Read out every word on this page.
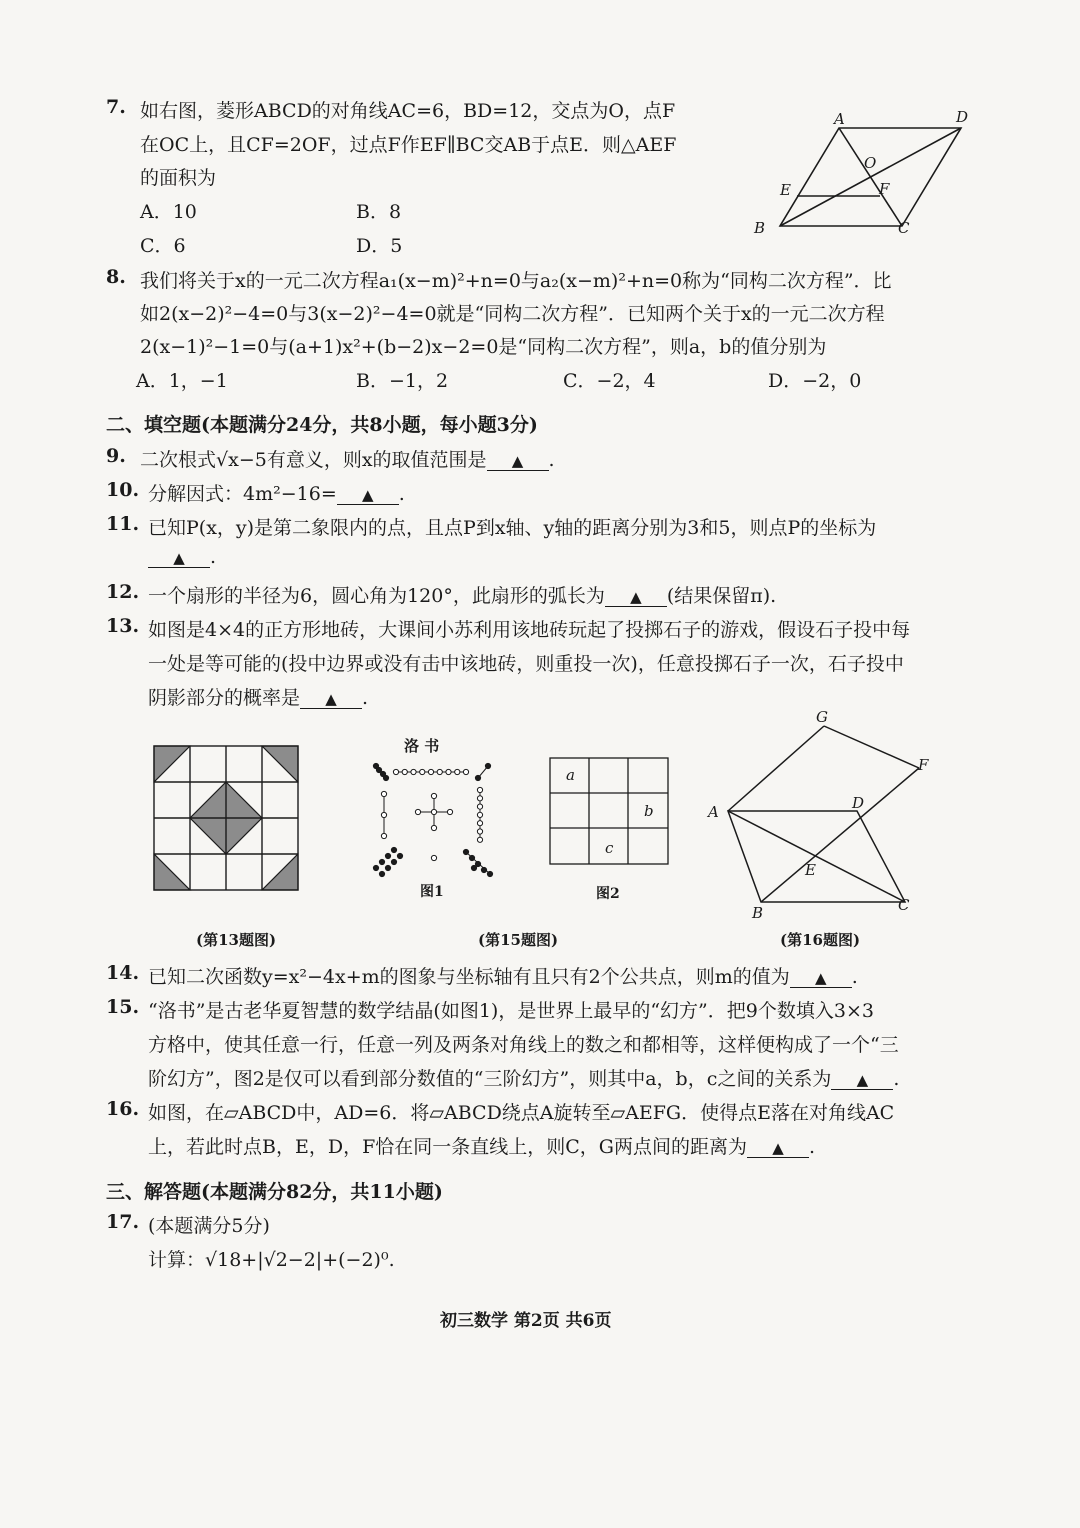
7. 如右图，菱形ABCD的对角线AC=6，BD=12，交点为O，点F
在OC上，且CF=2OF，过点F作EF∥BC交AB于点E．则△AEF
的面积为
A．10	B．8
C．6	D．5
A	D
O
E	F
B	C
8. 我们将关于x的一元二次方程a₁(x−m)²+n=0与a₂(x−m)²+n=0称为“同构二次方程”．比
如2(x−2)²−4=0与3(x−2)²−4=0就是“同构二次方程”．已知两个关于x的一元二次方程
2(x−1)²−1=0与(a+1)x²+(b−2)x−2=0是“同构二次方程”，则a，b的值分别为
A．1，−1	B．−1，2	C．−2，4	D．−2，0
二、填空题(本题满分24分，共8小题，每小题3分)
9. 二次根式√x−5有意义，则x的取值范围是 ▲ .
10. 分解因式：4m²−16= ▲ .
11. 已知P(x，y)是第二象限内的点，且点P到x轴、y轴的距离分别为3和5，则点P的坐标为
▲ .
12. 一个扇形的半径为6，圆心角为120°，此扇形的弧长为 ▲ (结果保留π).
13. 如图是4×4的正方形地砖，大课间小苏利用该地砖玩起了投掷石子的游戏，假设石子投中每
一处是等可能的(投中边界或没有击中该地砖，则重投一次)，任意投掷石子一次，石子投中
阴影部分的概率是 ▲ .
(第13题图)
洛 书
图1
a
b
c
图2
(第15题图)
G
F
A	D
E
B	C
(第16题图)
14. 已知二次函数y=x²−4x+m的图象与坐标轴有且只有2个公共点，则m的值为 ▲ .
15. “洛书”是古老华夏智慧的数学结晶(如图1)，是世界上最早的“幻方”．把9个数填入3×3
方格中，使其任意一行，任意一列及两条对角线上的数之和都相等，这样便构成了一个“三
阶幻方”，图2是仅可以看到部分数值的“三阶幻方”，则其中a，b，c之间的关系为 ▲ .
16. 如图，在▱ABCD中，AD=6．将▱ABCD绕点A旋转至▱AEFG．使得点E落在对角线AC
上，若此时点B，E，D，F恰在同一条直线上，则C，G两点间的距离为 ▲ .
三、解答题(本题满分82分，共11小题)
17. (本题满分5分)
计算：√18+|√2−2|+(−2)⁰.
初三数学 第2页 共6页
